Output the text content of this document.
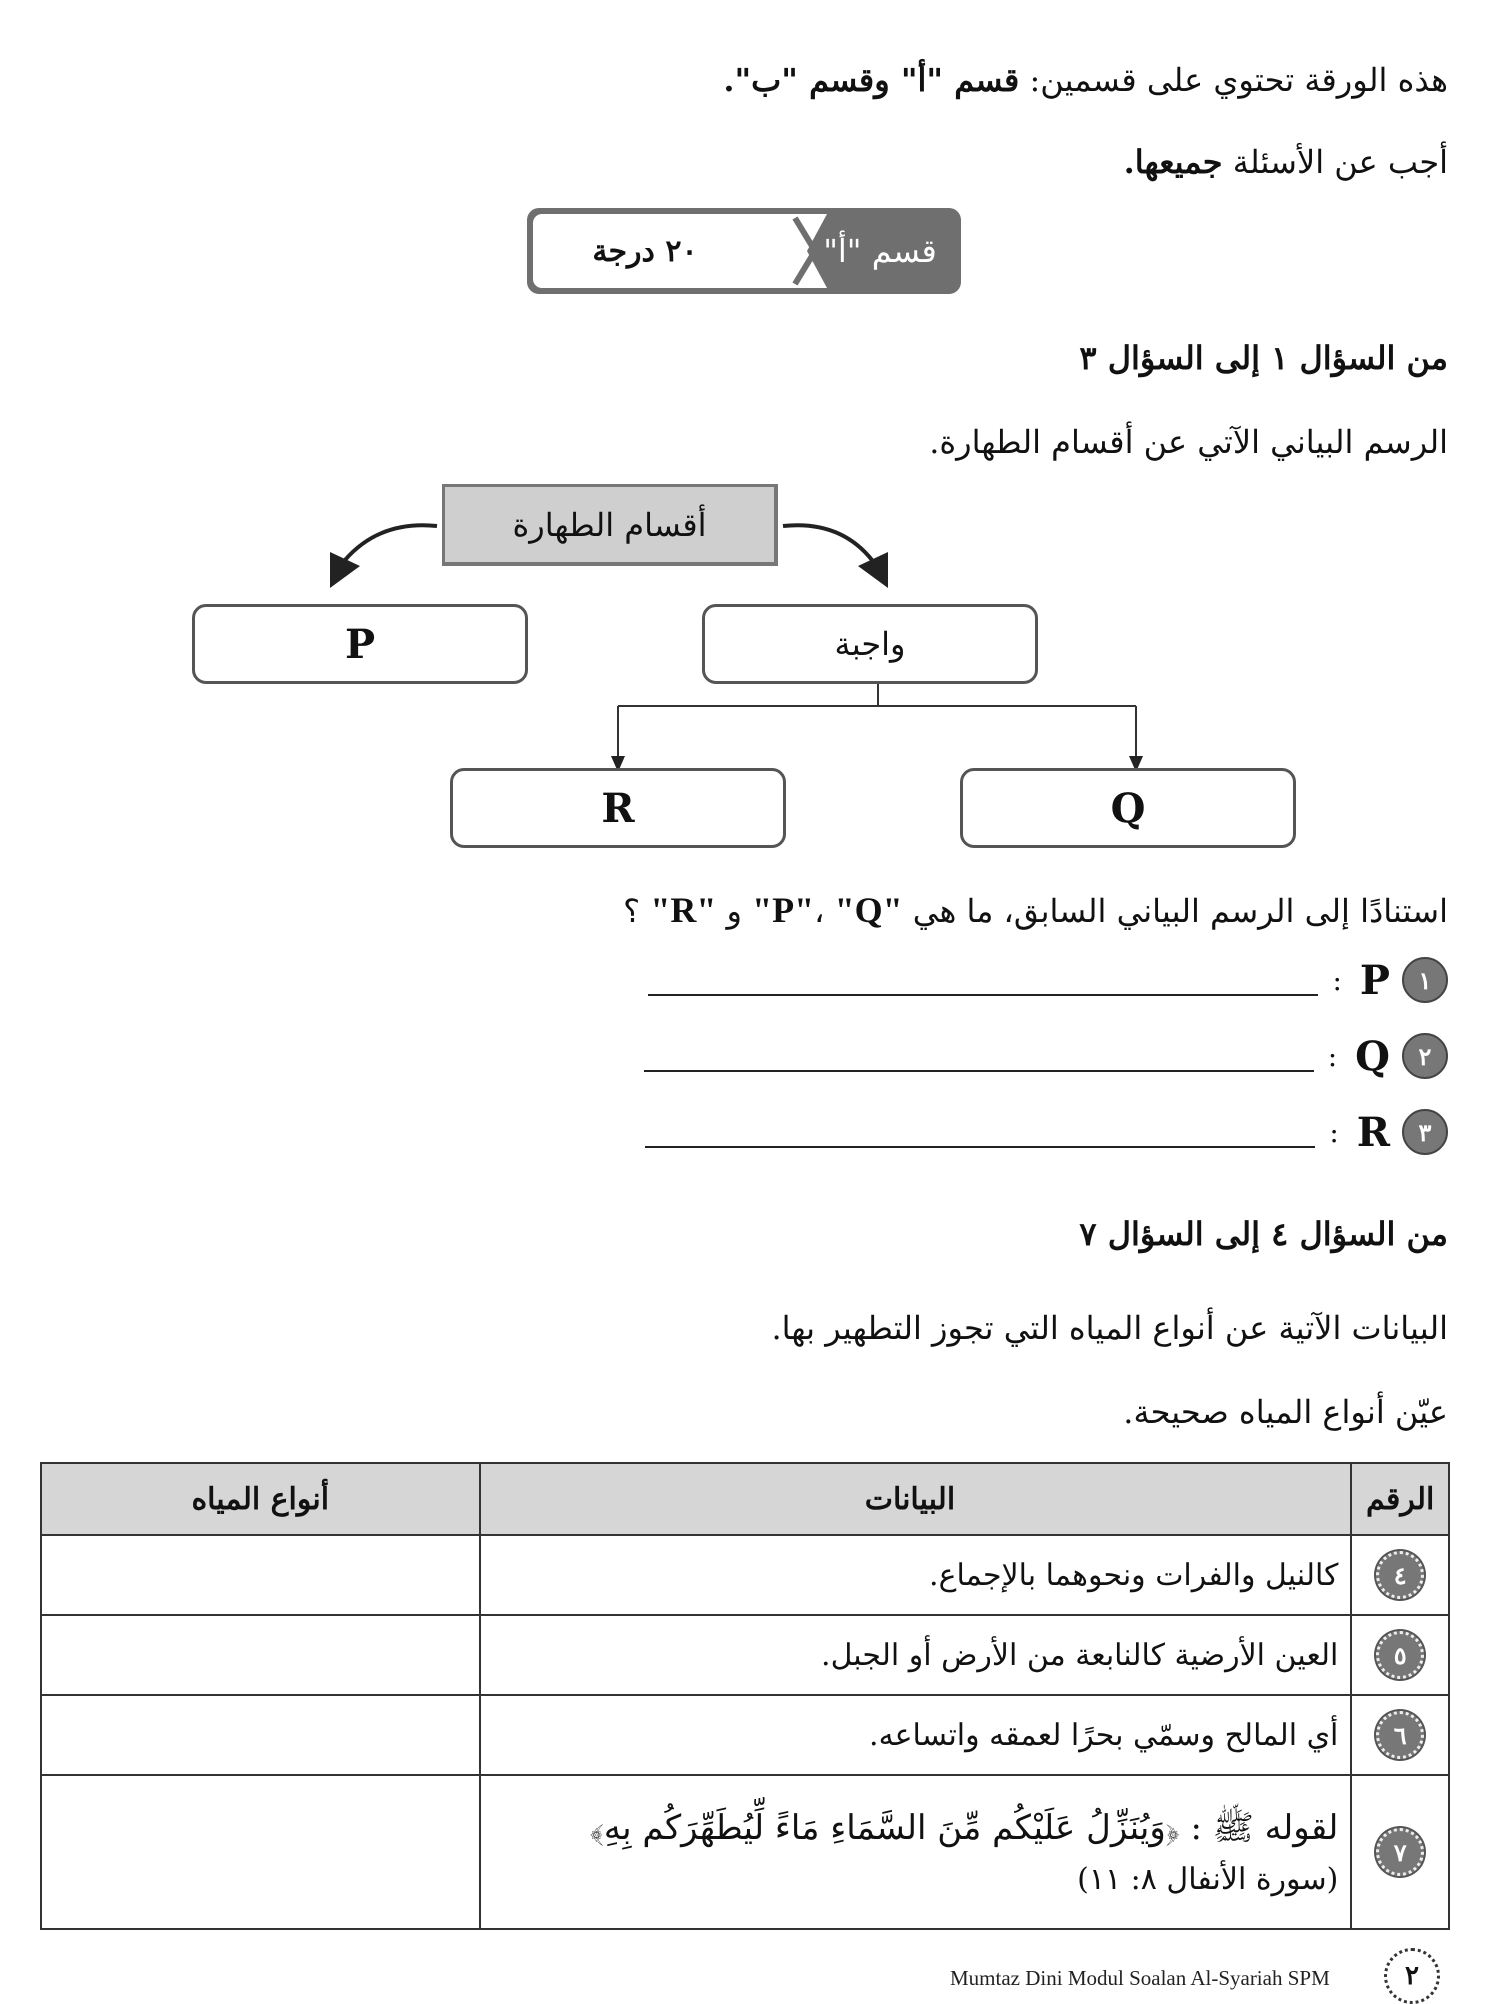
هذه الورقة تحتوي على قسمين: قسم "أ" وقسم "ب".
أجب عن الأسئلة جميعها.
قسم "أ"
٢٠ درجة
من السؤال ١ إلى السؤال ٣
الرسم البياني الآتي عن أقسام الطهارة.
أقسام الطهارة
P	واجبة
R	Q
استنادًا إلى الرسم البياني السابق، ما هي "P"، "Q" و "R" ؟
١
P
:
٢
Q
:
٣
R
:
من السؤال ٤ إلى السؤال ٧
البيانات الآتية عن أنواع المياه التي تجوز التطهير بها.
عيّن أنواع المياه صحيحة.
الرقم	البيانات	أنواع المياه

٤	كالنيل والفرات ونحوهما بالإجماع.	

٥	العين الأرضية كالنابعة من الأرض أو الجبل.	

٦	أي المالح وسمّي بحرًا لعمقه واتساعه.	

٧	لقوله ﷺ : ﴿وَيُنَزِّلُ عَلَيْكُم مِّنَ السَّمَاءِ مَاءً لِّيُطَهِّرَكُم بِهِ﴾
(سورة الأنفال ٨: ١١)	

Mumtaz Dini Modul Soalan Al-Syariah SPM	٢
